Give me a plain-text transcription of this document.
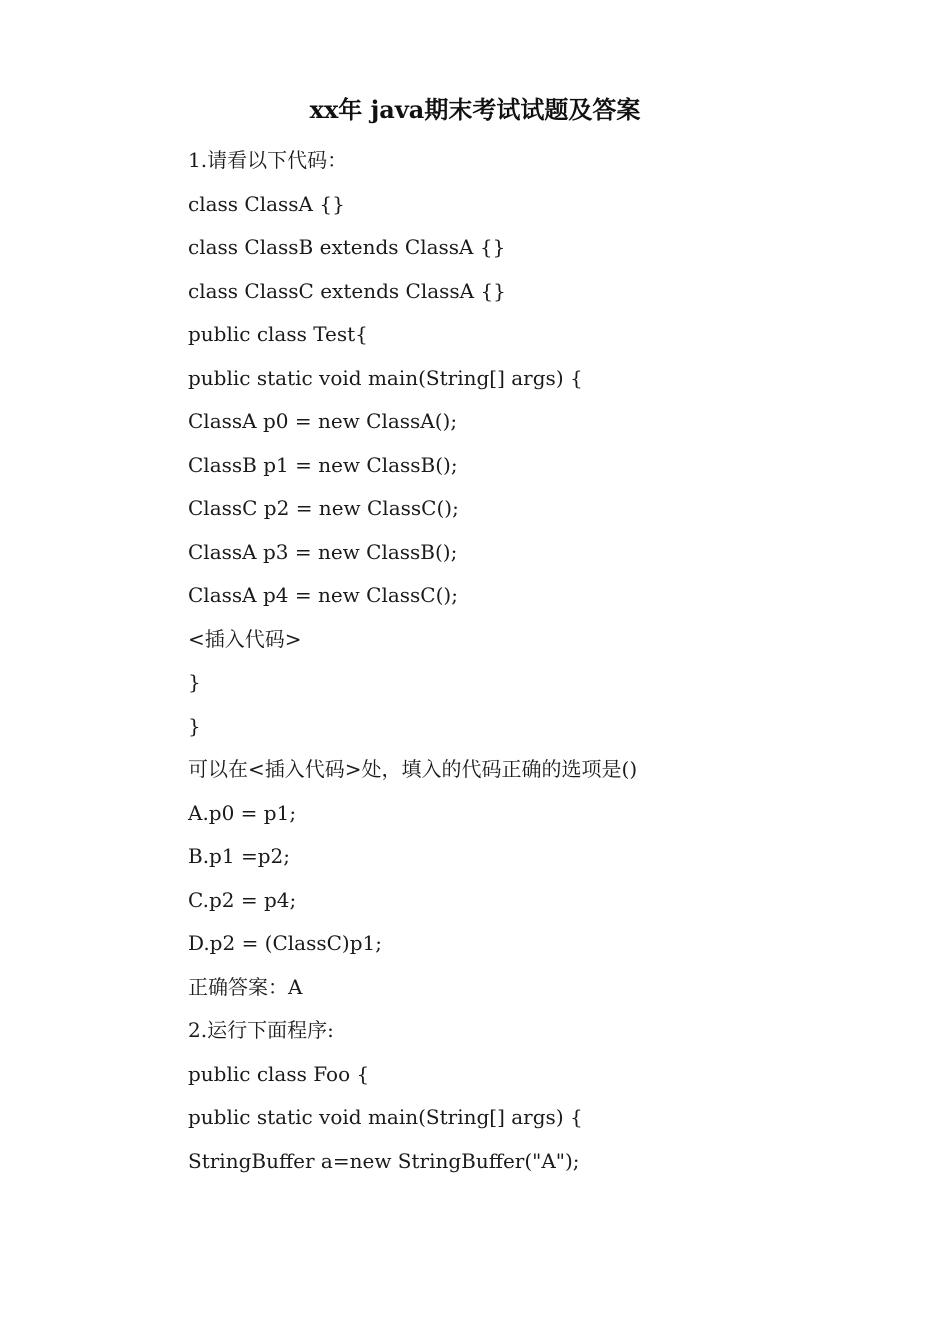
xx年 java期末考试试题及答案

1.请看以下代码：

class ClassA {}

class ClassB extends ClassA {}

class ClassC extends ClassA {}

public class Test{

public static void main(String[] args) {

ClassA p0 = new ClassA();

ClassB p1 = new ClassB();

ClassC p2 = new ClassC();

ClassA p3 = new ClassB();

ClassA p4 = new ClassC();

<插入代码>

}

}

可以在<插入代码>处，填入的代码正确的选项是()

A.p0 = p1;

B.p1 =p2;

C.p2 = p4;

D.p2 = (ClassC)p1;

正确答案：A

2.运行下面程序:

public class Foo {

public static void main(String[] args) {

StringBuffer a=new StringBuffer("A");
